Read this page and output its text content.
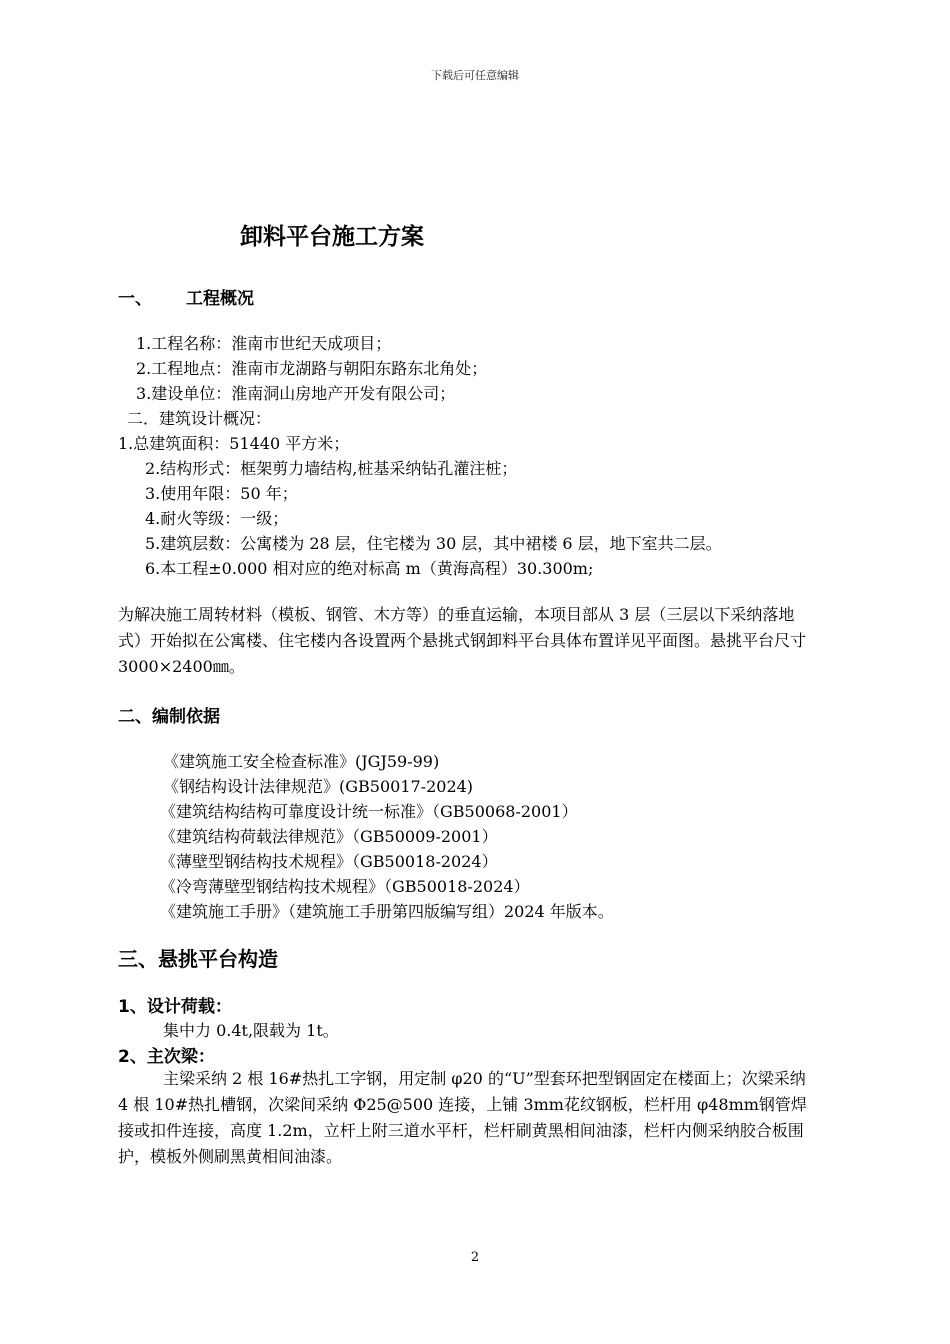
下载后可任意编辑
卸料平台施工方案
一、 工程概况
1.工程名称：淮南市世纪天成项目；
2.工程地点：淮南市龙湖路与朝阳东路东北角处；
3.建设单位：淮南洞山房地产开发有限公司；
二．建筑设计概况：
1.总建筑面积：51440 平方米；
2.结构形式：框架剪力墙结构,桩基采纳钻孔灌注桩；
3.使用年限：50 年；
4.耐火等级：一级；
5.建筑层数：公寓楼为 28 层，住宅楼为 30 层，其中裙楼 6 层，地下室共二层。
6.本工程±0.000 相对应的绝对标高 m（黄海高程）30.300m;
为解决施工周转材料（模板、钢管、木方等）的垂直运输，本项目部从 3 层（三层以下采纳落地式）开始拟在公寓楼、住宅楼内各设置两个悬挑式钢卸料平台具体布置详见平面图。悬挑平台尺寸 3000×2400㎜。
二、编制依据
《建筑施工安全检查标准》(JGJ59-99)
《钢结构设计法律规范》(GB50017-2024)
《建筑结构结构可靠度设计统一标准》（GB50068-2001）
《建筑结构荷载法律规范》（GB50009-2001）
《薄壁型钢结构技术规程》（GB50018-2024）
《冷弯薄壁型钢结构技术规程》（GB50018-2024）
《建筑施工手册》（建筑施工手册第四版编写组）2024 年版本。
三、悬挑平台构造
1、设计荷载：
集中力 0.4t,限载为 1t。
2、主次梁：
主梁采纳 2 根 16#热扎工字钢，用定制 φ20 的“U”型套环把型钢固定在楼面上；次梁采纳 4 根 10#热扎槽钢，次梁间采纳 Φ25@500 连接，上铺 3mm花纹钢板，栏杆用 φ48mm钢管焊接或扣件连接，高度 1.2m，立杆上附三道水平杆，栏杆刷黄黑相间油漆，栏杆内侧采纳胶合板围护，模板外侧刷黑黄相间油漆。
2
